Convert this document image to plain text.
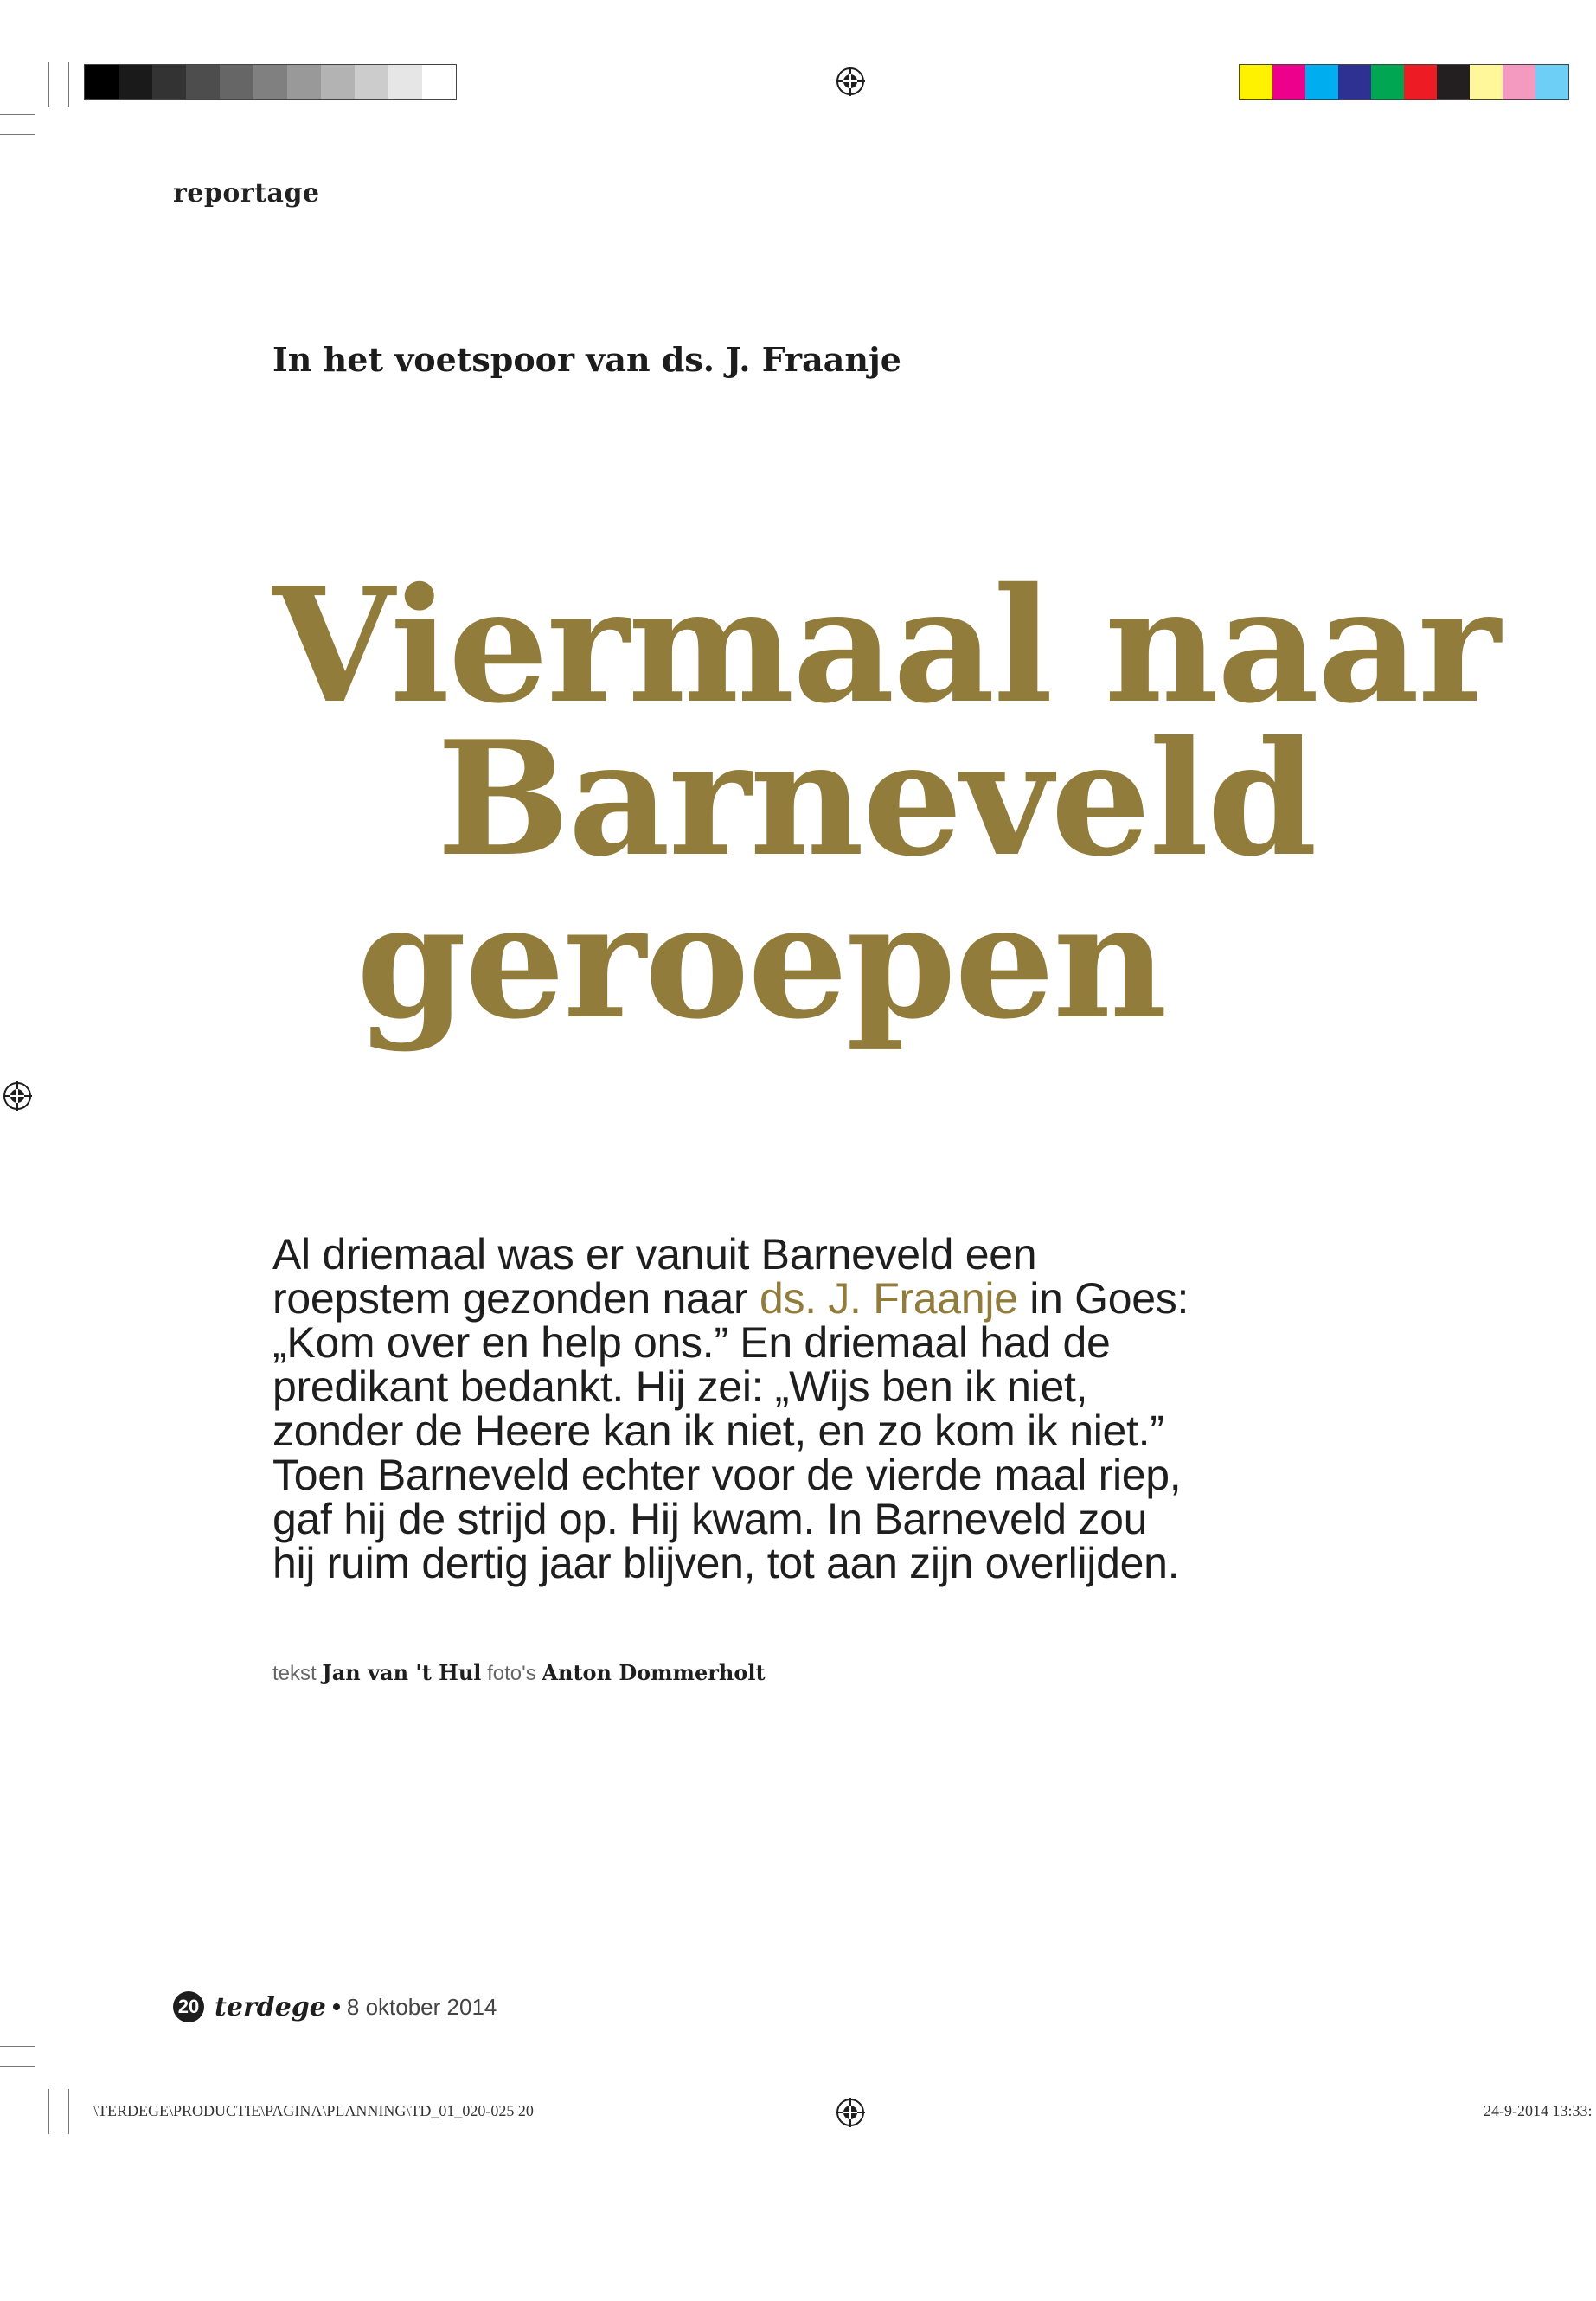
reportage
In het voetspoor van ds. J. Fraanje
Viermaal naar
Barneveld
geroepen
Al driemaal was er vanuit Barneveld een
roepstem gezonden naar ds. J. Fraanje in Goes:
„Kom over en help ons.” En driemaal had de
predikant bedankt. Hij zei: „Wijs ben ik niet,
zonder de Heere kan ik niet, en zo kom ik niet.”
Toen Barneveld echter voor de vierde maal riep,
gaf hij de strijd op. Hij kwam. In Barneveld zou
hij ruim dertig jaar blijven, tot aan zijn overlijden.
tekst Jan van 't Hul foto's Anton Dommerholt
20 terdege 8 oktober 2014
\TERDEGE\PRODUCTIE\PAGINA\PLANNING\TD_01_020-025 20	24-9-2014 13:33:
